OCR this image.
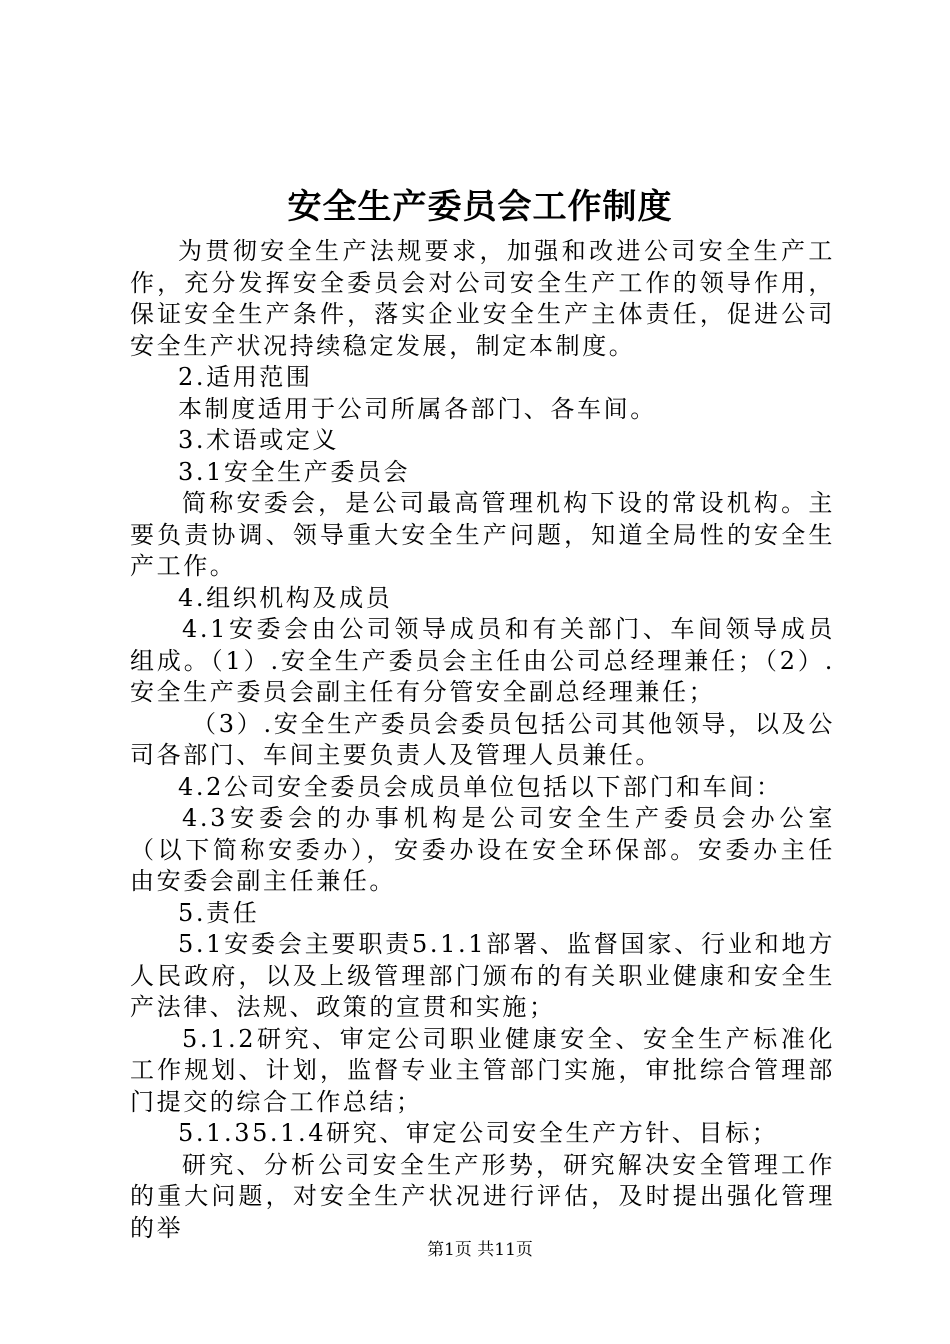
安全生产委员会工作制度

为贯彻安全生产法规要求，加强和改进公司安全生产工作，充分发挥安全委员会对公司安全生产工作的领导作用，保证安全生产条件，落实企业安全生产主体责任，促进公司安全生产状况持续稳定发展，制定本制度。

2.适用范围

本制度适用于公司所属各部门、各车间。

3.术语或定义

3.1安全生产委员会

简称安委会，是公司最高管理机构下设的常设机构。主要负责协调、领导重大安全生产问题，知道全局性的安全生产工作。

4.组织机构及成员

4.1安委会由公司领导成员和有关部门、车间领导成员组成。（1）.安全生产委员会主任由公司总经理兼任；（2）.安全生产委员会副主任有分管安全副总经理兼任；

（3）.安全生产委员会委员包括公司其他领导，以及公司各部门、车间主要负责人及管理人员兼任。

4.2公司安全委员会成员单位包括以下部门和车间：

4.3安委会的办事机构是公司安全生产委员会办公室（以下简称安委办），安委办设在安全环保部。安委办主任由安委会副主任兼任。

5.责任

5.1安委会主要职责5.1.1部署、监督国家、行业和地方人民政府，以及上级管理部门颁布的有关职业健康和安全生产法律、法规、政策的宣贯和实施；

5.1.2研究、审定公司职业健康安全、安全生产标准化工作规划、计划，监督专业主管部门实施，审批综合管理部门提交的综合工作总结；

5.1.35.1.4研究、审定公司安全生产方针、目标；

研究、分析公司安全生产形势，研究解决安全管理工作的重大问题，对安全生产状况进行评估，及时提出强化管理的举

第1页 共11页
